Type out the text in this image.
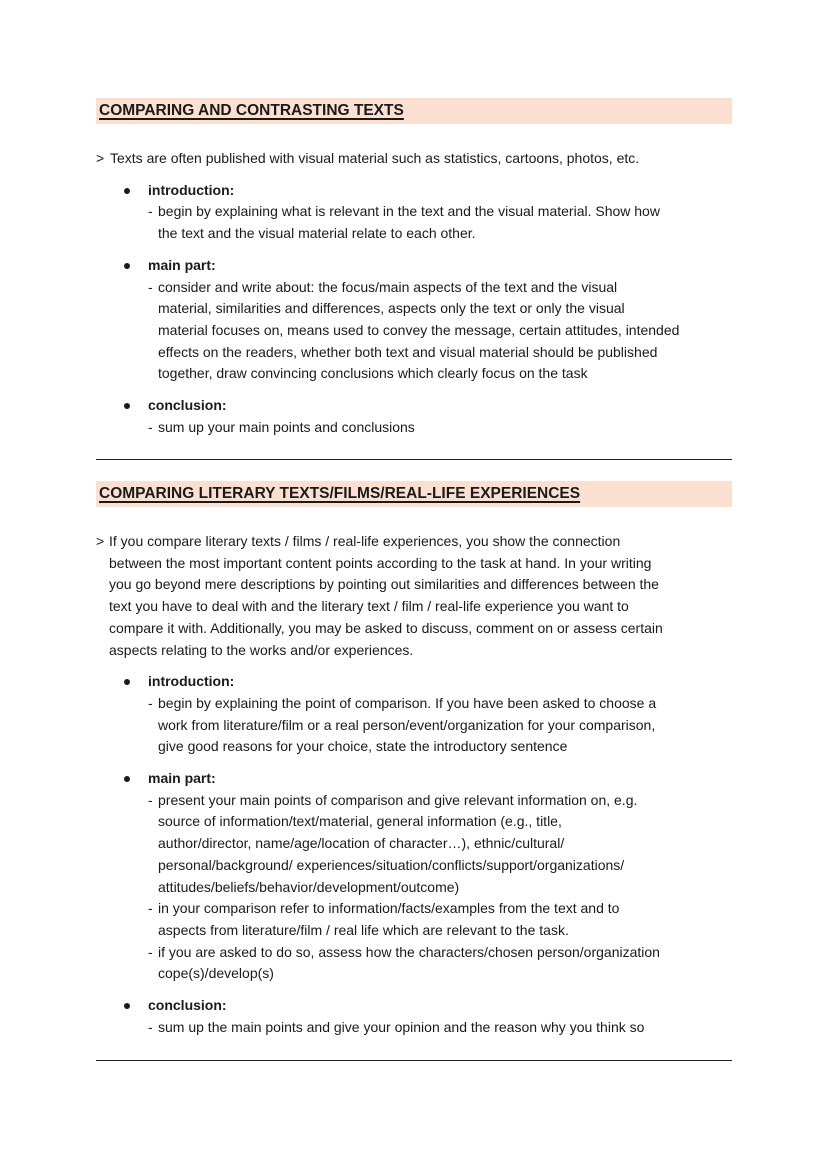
COMPARING AND CONTRASTING TEXTS
> Texts are often published with visual material such as statistics, cartoons, photos, etc.
introduction:
- begin by explaining what is relevant in the text and the visual material. Show how
the text and the visual material relate to each other.
main part:
- consider and write about: the focus/main aspects of the text and the visual
material, similarities and differences, aspects only the text or only the visual
material focuses on, means used to convey the message, certain attitudes, intended
effects on the readers, whether both text and visual material should be published
together, draw convincing conclusions which clearly focus on the task
conclusion:
- sum up your main points and conclusions
COMPARING LITERARY TEXTS/FILMS/REAL-LIFE EXPERIENCES
> If you compare literary texts / films / real-life experiences, you show the connection
between the most important content points according to the task at hand. In your writing
you go beyond mere descriptions by pointing out similarities and differences between the
text you have to deal with and the literary text / film / real-life experience you want to
compare it with. Additionally, you may be asked to discuss, comment on or assess certain
aspects relating to the works and/or experiences.
introduction:
- begin by explaining the point of comparison. If you have been asked to choose a
work from literature/film or a real person/event/organization for your comparison,
give good reasons for your choice, state the introductory sentence
main part:
- present your main points of comparison and give relevant information on, e.g.
source of information/text/material, general information (e.g., title,
author/director, name/age/location of character…), ethnic/cultural/
personal/background/ experiences/situation/conflicts/support/organizations/
attitudes/beliefs/behavior/development/outcome)
- in your comparison refer to information/facts/examples from the text and to
aspects from literature/film / real life which are relevant to the task.
- if you are asked to do so, assess how the characters/chosen person/organization
cope(s)/develop(s)
conclusion:
- sum up the main points and give your opinion and the reason why you think so
